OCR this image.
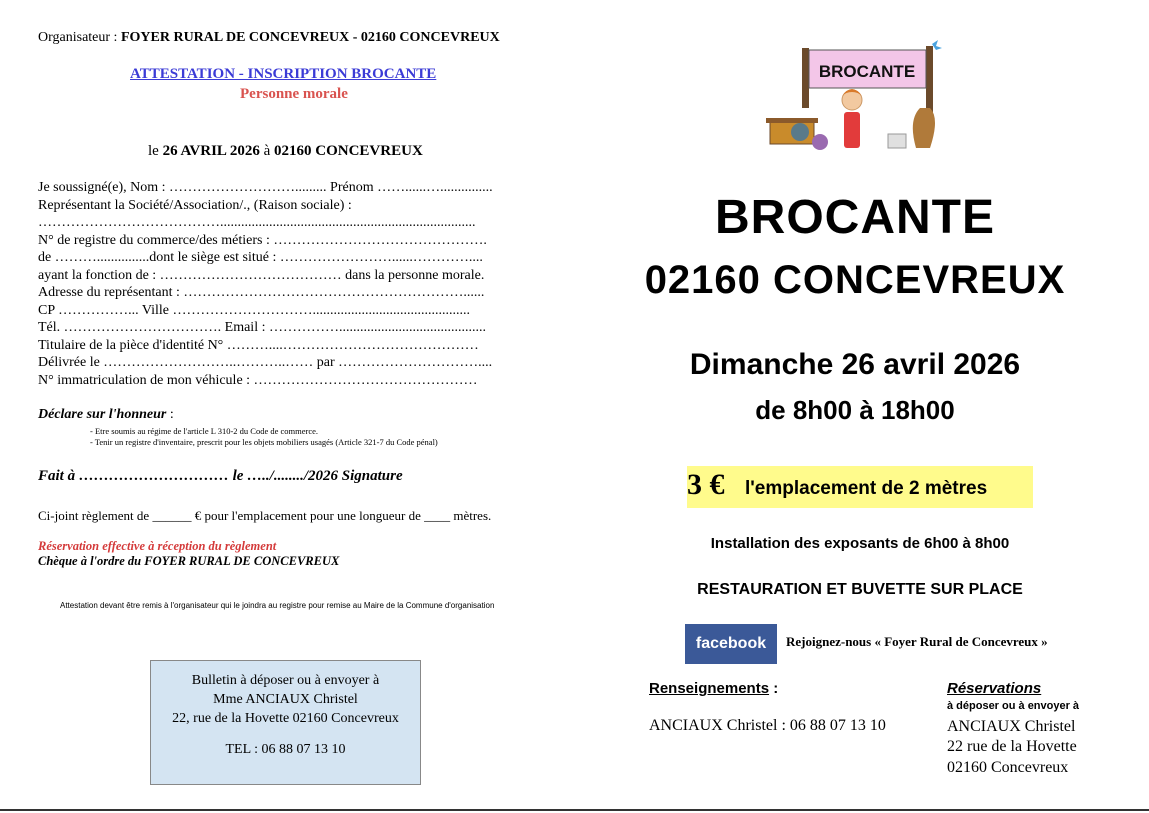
Organisateur : FOYER RURAL DE CONCEVREUX - 02160 CONCEVREUX
ATTESTATION - INSCRIPTION BROCANTE
Personne morale
le 26 AVRIL 2026 à 02160 CONCEVREUX
Je soussigné(e), Nom : ………………………......... Prénom ……......…...............
Représentant la Société/Association/., (Raison sociale) :
………………………………….........................................................................
N° de registre du commerce/des métiers : ……………………………………….
de ………...............dont le siège est situé : ……………………......…………....
ayant la fonction de : ………………………………… dans la personne morale.
Adresse du représentant : ……………………………………………………......
CP ……………... Ville ………………………….............................................
Tél. ……………………………. Email : ……………..........................................
Titulaire de la pièce d'identité N° ………....……………………………………
Délivrée le ………………………..………..…… par …………………………....
N° immatriculation de mon véhicule : …………………………………………
Déclare sur l'honneur :
- Etre soumis au régime de l'article L 310-2 du Code de commerce.
- Tenir un registre d'inventaire, prescrit pour les objets mobiliers usagés (Article 321-7 du Code pénal)
Fait à ………………………… le …../......../2026 Signature
Ci-joint règlement de ______ € pour l'emplacement pour une longueur de ____ mètres.
Réservation effective à réception du règlement
Chèque à l'ordre du FOYER RURAL DE CONCEVREUX
Attestation devant être remis à l'organisateur qui le joindra au registre pour remise au Maire de la Commune d'organisation
Bulletin à déposer ou à envoyer à
Mme ANCIAUX Christel
22, rue de la Hovette 02160 Concevreux
TEL : 06 88 07 13 10
BROCANTE
BROCANTE
02160 CONCEVREUX
Dimanche 26 avril 2026
de 8h00 à 18h00
3 € l'emplacement de 2 mètres
Installation des exposants de 6h00 à 8h00
RESTAURATION ET BUVETTE SUR PLACE
facebook Rejoignez-nous « Foyer Rural de Concevreux »
Renseignements :
ANCIAUX Christel : 06 88 07 13 10
Réservations
à déposer ou à envoyer à
ANCIAUX Christel
22 rue de la Hovette
02160 Concevreux
